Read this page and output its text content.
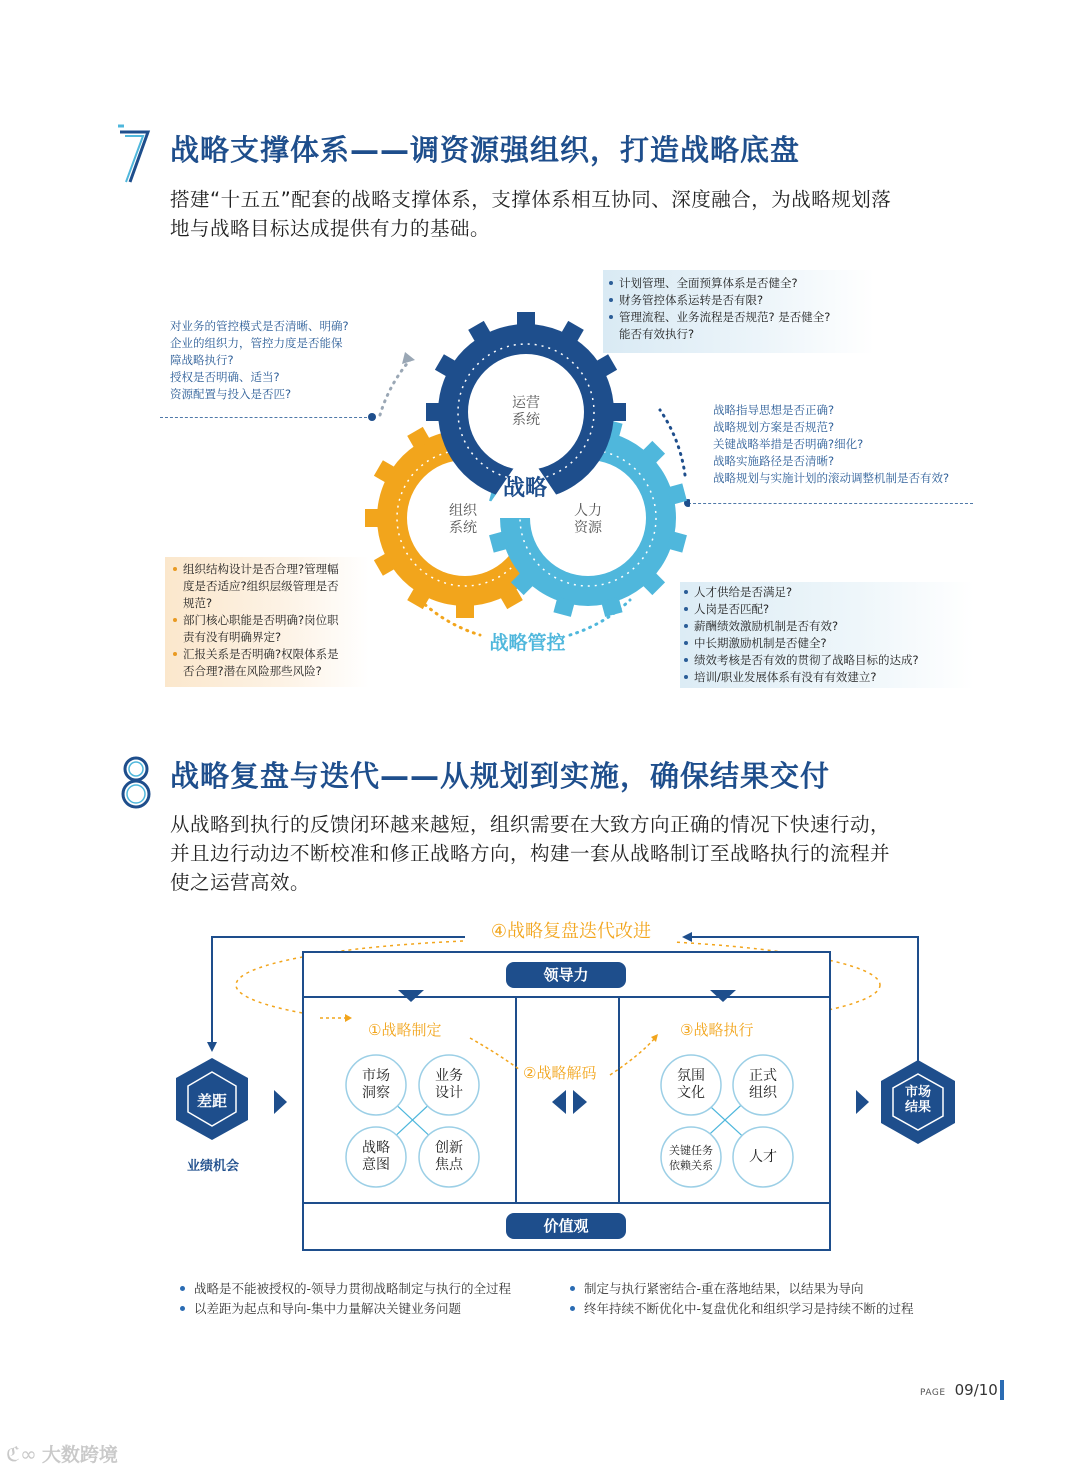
战略支撑体系——调资源强组织，打造战略底盘
搭建“十五五”配套的战略支撑体系，支撑体系相互协同、深度融合，为战略规划落
地与战略目标达成提供有力的基础。

对业务的管控模式是否清晰、明确?

企业的组织力，管控力度是否能保

障战略执行?

授权是否明确、适当?

资源配置与投入是否匹?

计划管理、全面预算体系是否健全?
财务管控体系运转是否有限?
管理流程、业务流程是否规范? 是否健全?
能否有效执行?

战略指导思想是否正确?

战略规划方案是否规范?

关键战略举措是否明确?细化?

战略实施路径是否清晰?

战略规划与实施计划的滚动调整机制是否有效?

组织结构设计是否合理?管理幅
度是否适应?组织层级管理是否
规范?
部门核心职能是否明确?岗位职
责有没有明确界定?
汇报关系是否明确?权限体系是
否合理?潜在风险那些风险?
人才供给是否满足?
人岗是否匹配?
薪酬绩效激励机制是否有效?
中长期激励机制是否健全?
绩效考核是否有效的贯彻了战略目标的达成?
培训/职业发展体系有没有有效建立?
运营
系统
组织
系统
人力
资源
战略
战略管控
战略复盘与迭代——从规划到实施，确保结果交付
从战略到执行的反馈闭环越来越短，组织需要在大致方向正确的情况下快速行动，
并且边行动边不断校准和修正战略方向，构建一套从战略制订至战略执行的流程并
使之运营高效。
④战略复盘迭代改进
领导力
价值观
①战略制定
②战略解码
③战略执行
市场
洞察
业务
设计
战略
意图
创新
焦点
氛围
文化
正式
组织
关键任务
依赖关系
人才
差距
业绩机会
市场
结果
战略是不能被授权的-领导力贯彻战略制定与执行的全过程
以差距为起点和导向-集中力量解决关键业务问题
制定与执行紧密结合-重在落地结果，以结果为导向
终年持续不断优化中-复盘优化和组织学习是持续不断的过程
PAGE 09/10
ℭ∞ 大数跨境
